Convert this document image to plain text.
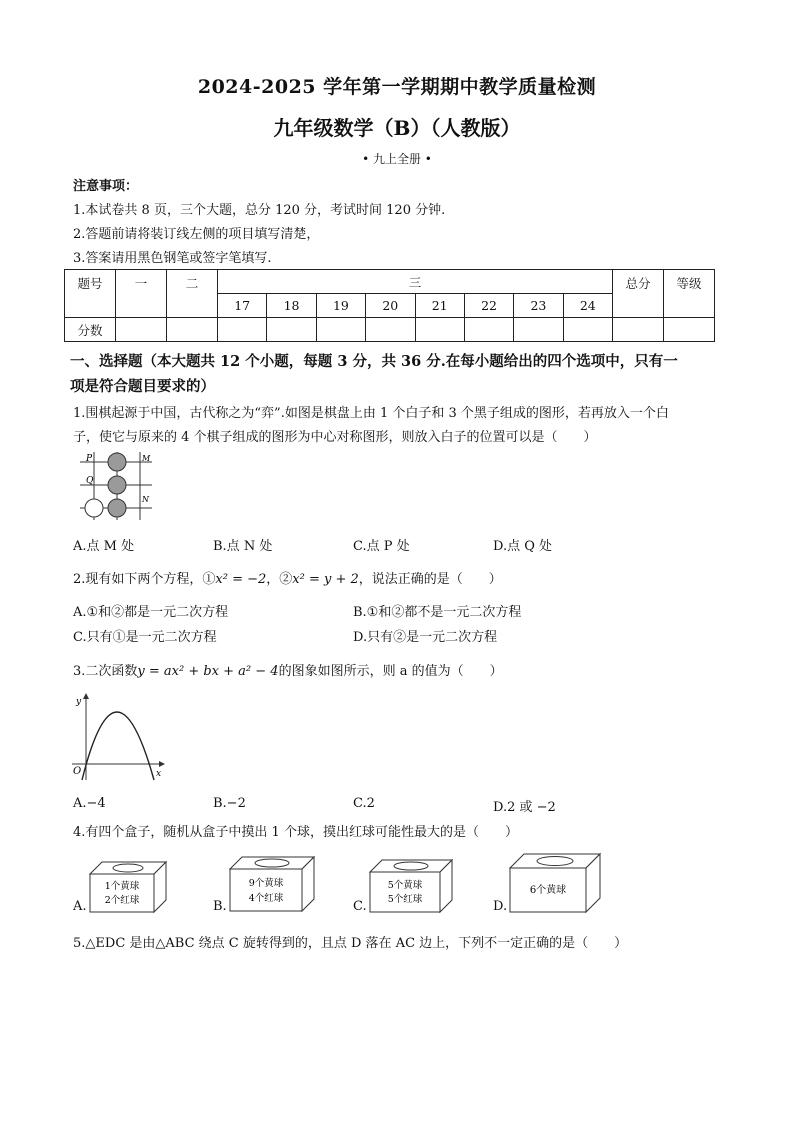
2024-2025 学年第一学期期中教学质量检测
九年级数学（B）（人教版）
• 九上全册 •
注意事项：
1.本试卷共 8 页，三个大题，总分 120 分，考试时间 120 分钟.
2.答题前请将装订线左侧的项目填写清楚，
3.答案请用黑色钢笔或签字笔填写.
题号	一	二	三								总分	等级
			17	18	19	20	21	22	23	24		
分数												
一、选择题（本大题共 12 个小题，每题 3 分，共 36 分.在每小题给出的四个选项中，只有一
项是符合题目要求的）
1.围棋起源于中国，古代称之为“弈”.如图是棋盘上由 1 个白子和 3 个黑子组成的图形，若再放入一个白
子，使它与原来的 4 个棋子组成的图形为中心对称图形，则放入白子的位置可以是（　　）
P
Q
M
N
A.点 M 处	B.点 N 处	C.点 P 处	D.点 Q 处
2.现有如下两个方程，①x² = −2，②x² = y + 2，说法正确的是（　　）
A.①和②都是一元二次方程	B.①和②都不是一元二次方程
C.只有①是一元二次方程	D.只有②是一元二次方程
3.二次函数y = ax² + bx + a² − 4的图象如图所示，则 a 的值为（　　）
y
x
O
A.−4	B.−2	C.2	D.2 或 −2
4.有四个盒子，随机从盒子中摸出 1 个球，摸出红球可能性最大的是（　　）
A.
1个黄球
2个红球	B.
9个黄球
4个红球
C.
5个黄球
5个红球	D.
6个黄球
5.△EDC 是由△ABC 绕点 C 旋转得到的，且点 D 落在 AC 边上，下列不一定正确的是（　　）
